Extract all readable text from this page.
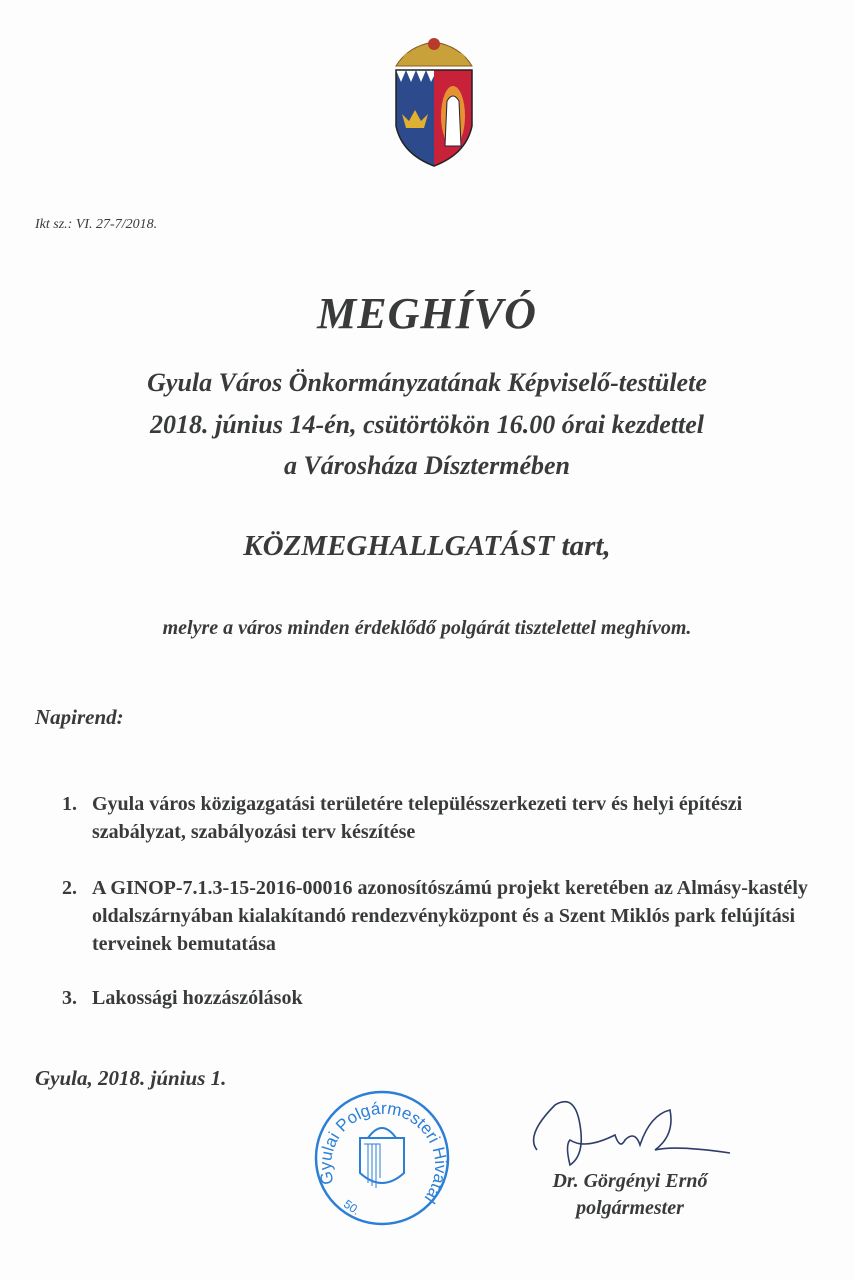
Ikt sz.: VI. 27-7/2018.
MEGHÍVÓ
Gyula Város Önkormányzatának Képviselő-testülete
2018. június 14-én, csütörtökön 16.00 órai kezdettel
a Városháza Dísztermében
KÖZMEGHALLGATÁST tart,
melyre a város minden érdeklődő polgárát tisztelettel meghívom.
Napirend:
1. Gyula város közigazgatási területére településszerkezeti terv és helyi építészi szabályzat, szabályozási terv készítése
2. A GINOP-7.1.3-15-2016-00016 azonosítószámú projekt keretében az Almásy-kastély oldalszárnyában kialakítandó rendezvényközpont és a Szent Miklós park felújítási terveinek bemutatása
3. Lakossági hozzászólások
Gyula, 2018. június 1.
Gyulai Polgármesteri Hivatal
50.
Dr. Görgényi Ernő
polgármester
